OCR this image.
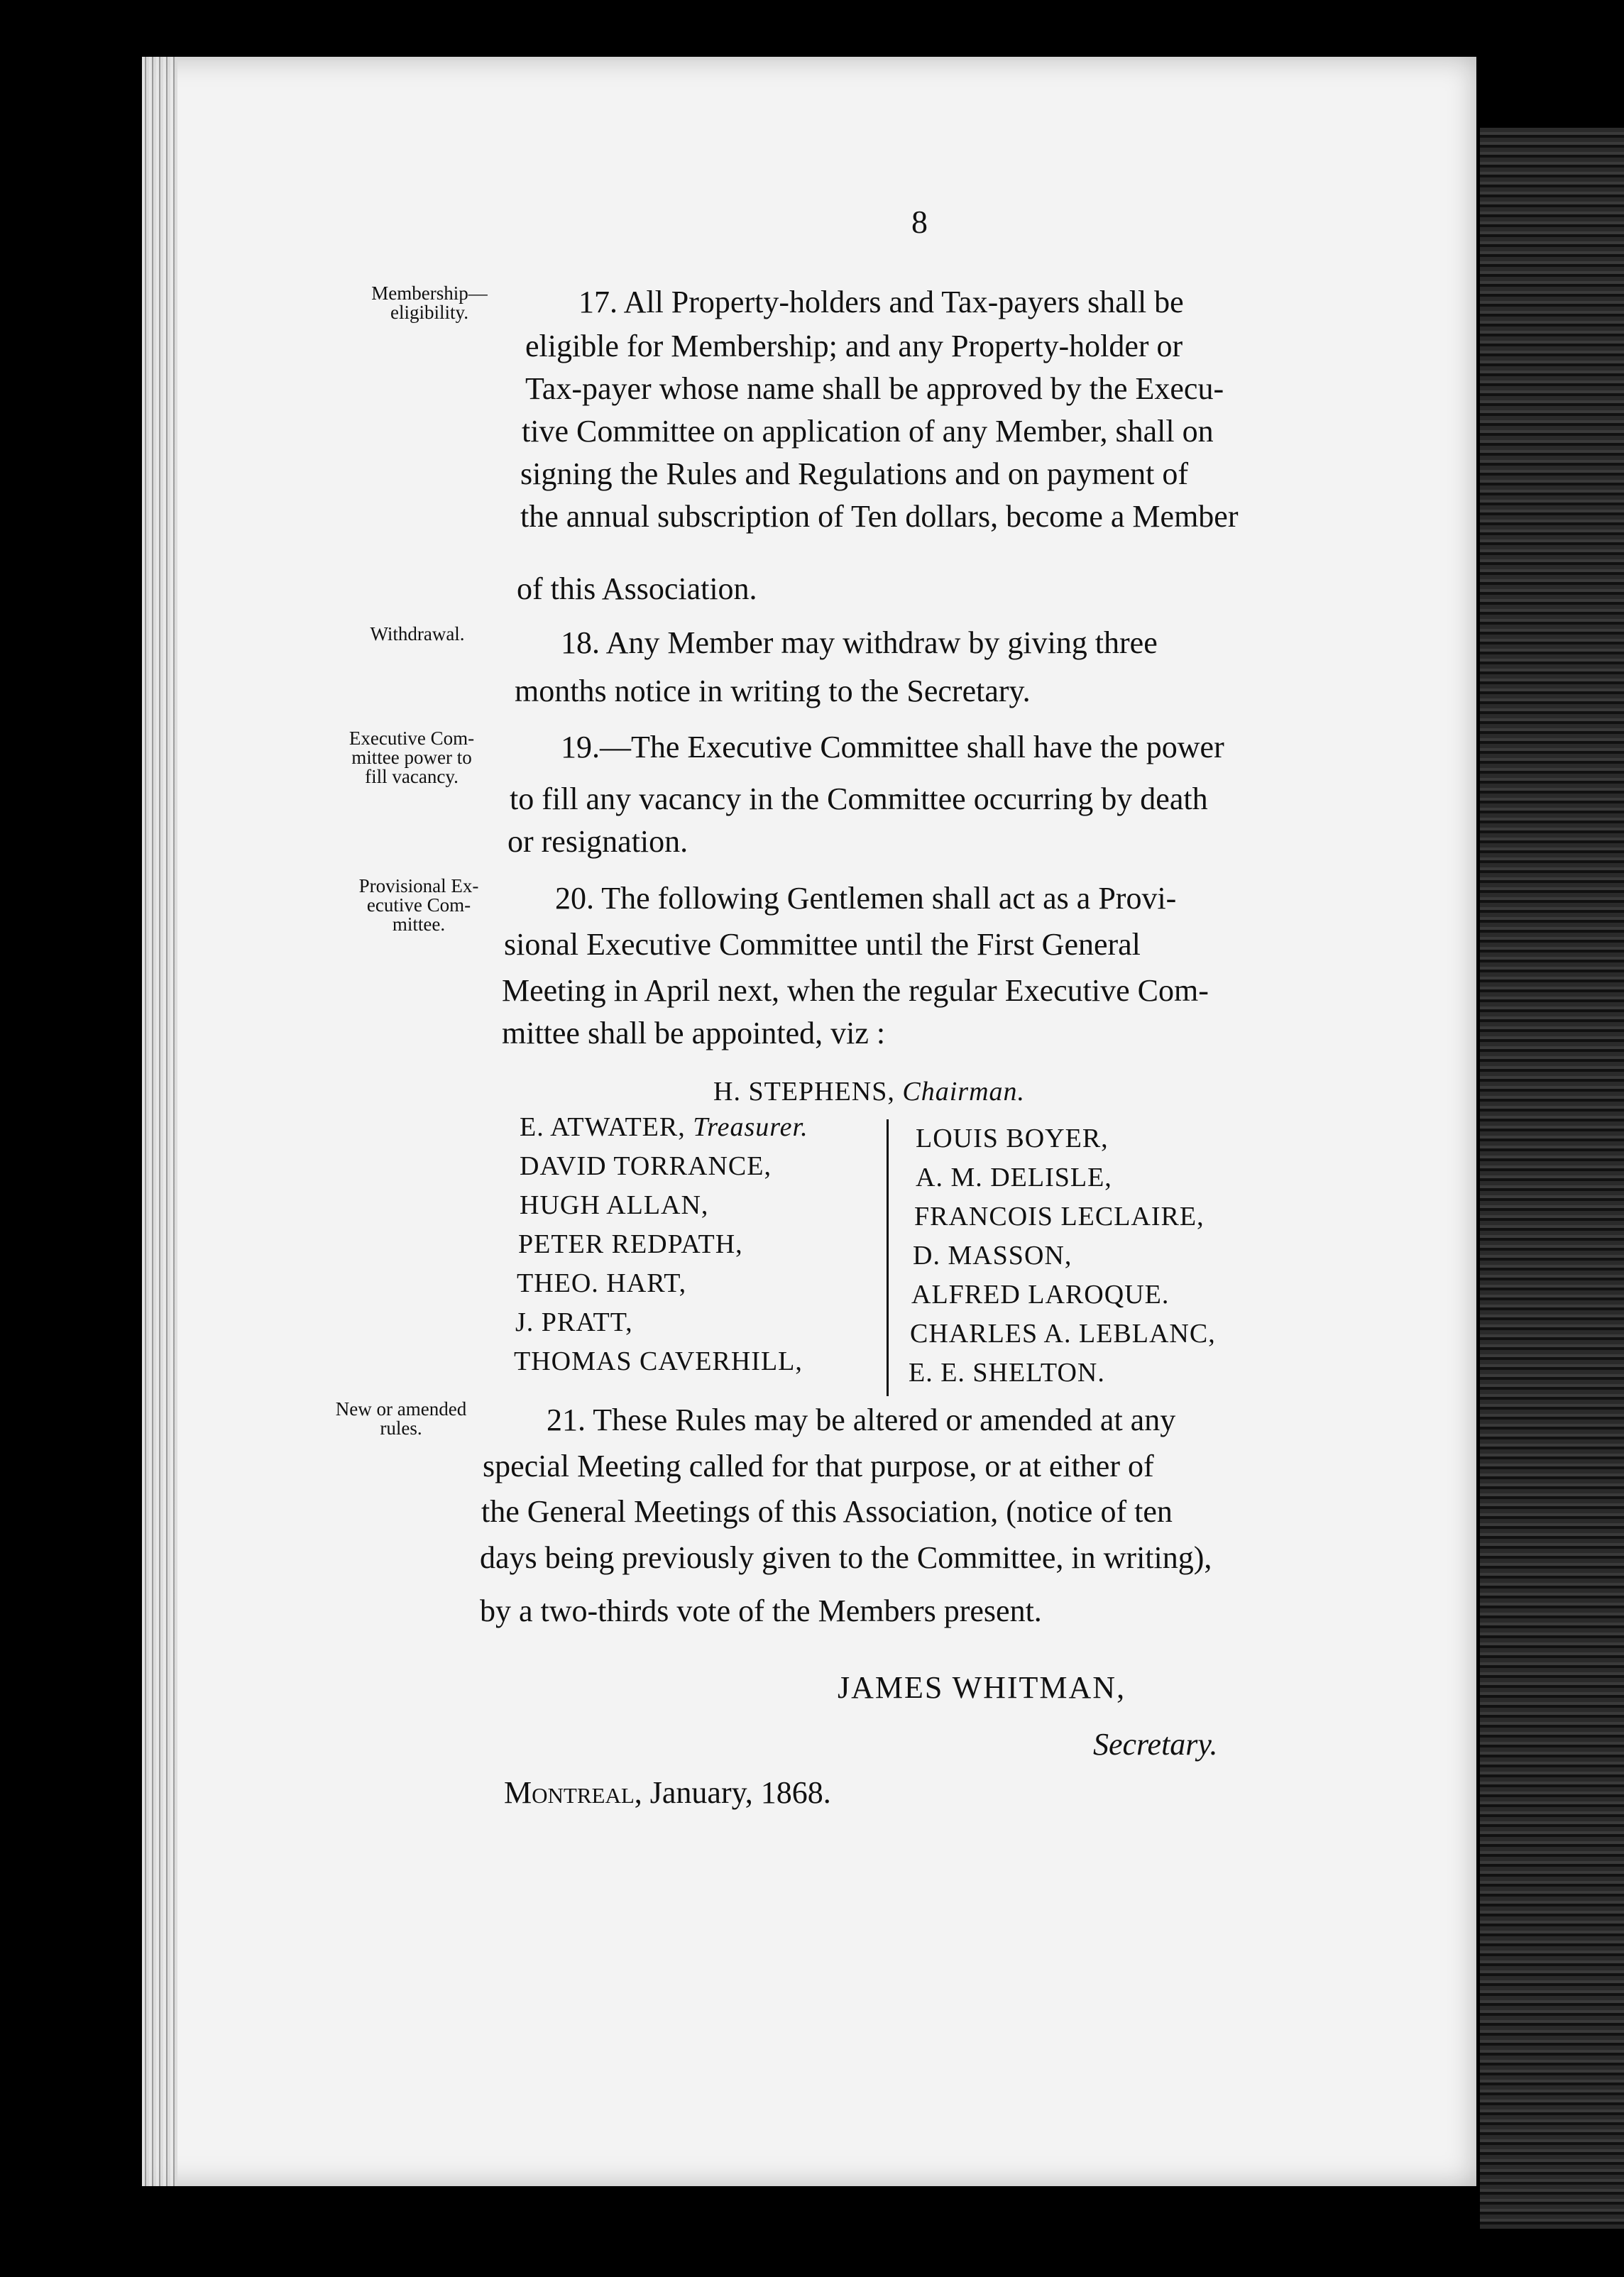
8
Membership—
eligibility.
Withdrawal.
Executive Com-
mittee power to
fill vacancy.
Provisional Ex-
ecutive Com-
mittee.
New or amended
rules.
17. All Property-holders and Tax-payers shall be
eligible for Membership; and any Property-holder or
Tax-payer whose name shall be approved by the Execu-
tive Committee on application of any Member, shall on
signing the Rules and Regulations and on payment of
the annual subscription of Ten dollars, become a Member
of this Association.
18. Any Member may withdraw by giving three
months notice in writing to the Secretary.
19.—The Executive Committee shall have the power
to fill any vacancy in the Committee occurring by death
or resignation.
20. The following Gentlemen shall act as a Provi-
sional Executive Committee until the First General
Meeting in April next, when the regular Executive Com-
mittee shall be appointed, viz :
H. STEPHENS, Chairman.
E. ATWATER, Treasurer.
DAVID TORRANCE,
HUGH ALLAN,
PETER REDPATH,
THEO. HART,
J. PRATT,
THOMAS CAVERHILL,
LOUIS BOYER,
A. M. DELISLE,
FRANCOIS LECLAIRE,
D. MASSON,
ALFRED LAROQUE.
CHARLES A. LEBLANC,
E. E. SHELTON.
21. These Rules may be altered or amended at any
special Meeting called for that purpose, or at either of
the General Meetings of this Association, (notice of ten
days being previously given to the Committee, in writing),
by a two-thirds vote of the Members present.
JAMES WHITMAN,
Secretary.
Montreal, January, 1868.
